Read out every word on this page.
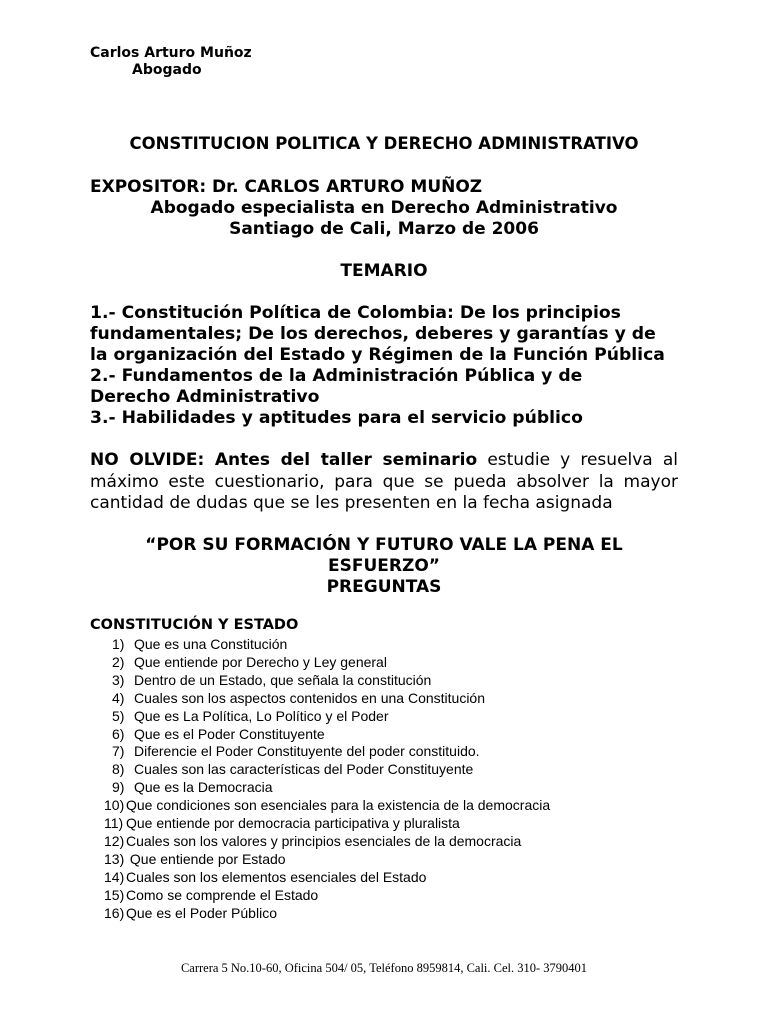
Carlos Arturo Muñoz
Abogado
CONSTITUCION POLITICA Y DERECHO ADMINISTRATIVO
EXPOSITOR: Dr. CARLOS ARTURO MUÑOZ
Abogado especialista en Derecho Administrativo
Santiago de Cali, Marzo de 2006
TEMARIO
1.- Constitución Política de Colombia: De los principios
fundamentales; De los derechos, deberes y garantías y de
la organización del Estado y Régimen de la Función Pública
2.- Fundamentos de la Administración Pública y de
Derecho Administrativo
3.- Habilidades y aptitudes para el servicio público
NO OLVIDE: Antes del taller seminario estudie y resuelva al máximo este cuestionario, para que se pueda absolver la mayor cantidad de dudas que se les presenten en la fecha asignada
“POR SU FORMACIÓN Y FUTURO VALE LA PENA EL
ESFUERZO”
PREGUNTAS
CONSTITUCIÓN Y ESTADO
1) Que es una Constitución
2) Que entiende por Derecho y Ley general
3) Dentro de un Estado, que señala la constitución
4) Cuales son los aspectos contenidos en una Constitución
5) Que es La Política, Lo Político y el Poder
6) Que es el Poder Constituyente
7) Diferencie el Poder Constituyente del poder constituido.
8) Cuales son las características del Poder Constituyente
9) Que es la Democracia
10) Que condiciones son esenciales para la existencia de la democracia
11) Que entiende por democracia participativa y pluralista
12) Cuales son los valores y principios esenciales de la democracia
13) Que entiende por Estado
14) Cuales son los elementos esenciales del Estado
15) Como se comprende el Estado
16) Que es el Poder Público
Carrera 5 No.10-60, Oficina 504/ 05, Teléfono 8959814, Cali. Cel. 310- 3790401
